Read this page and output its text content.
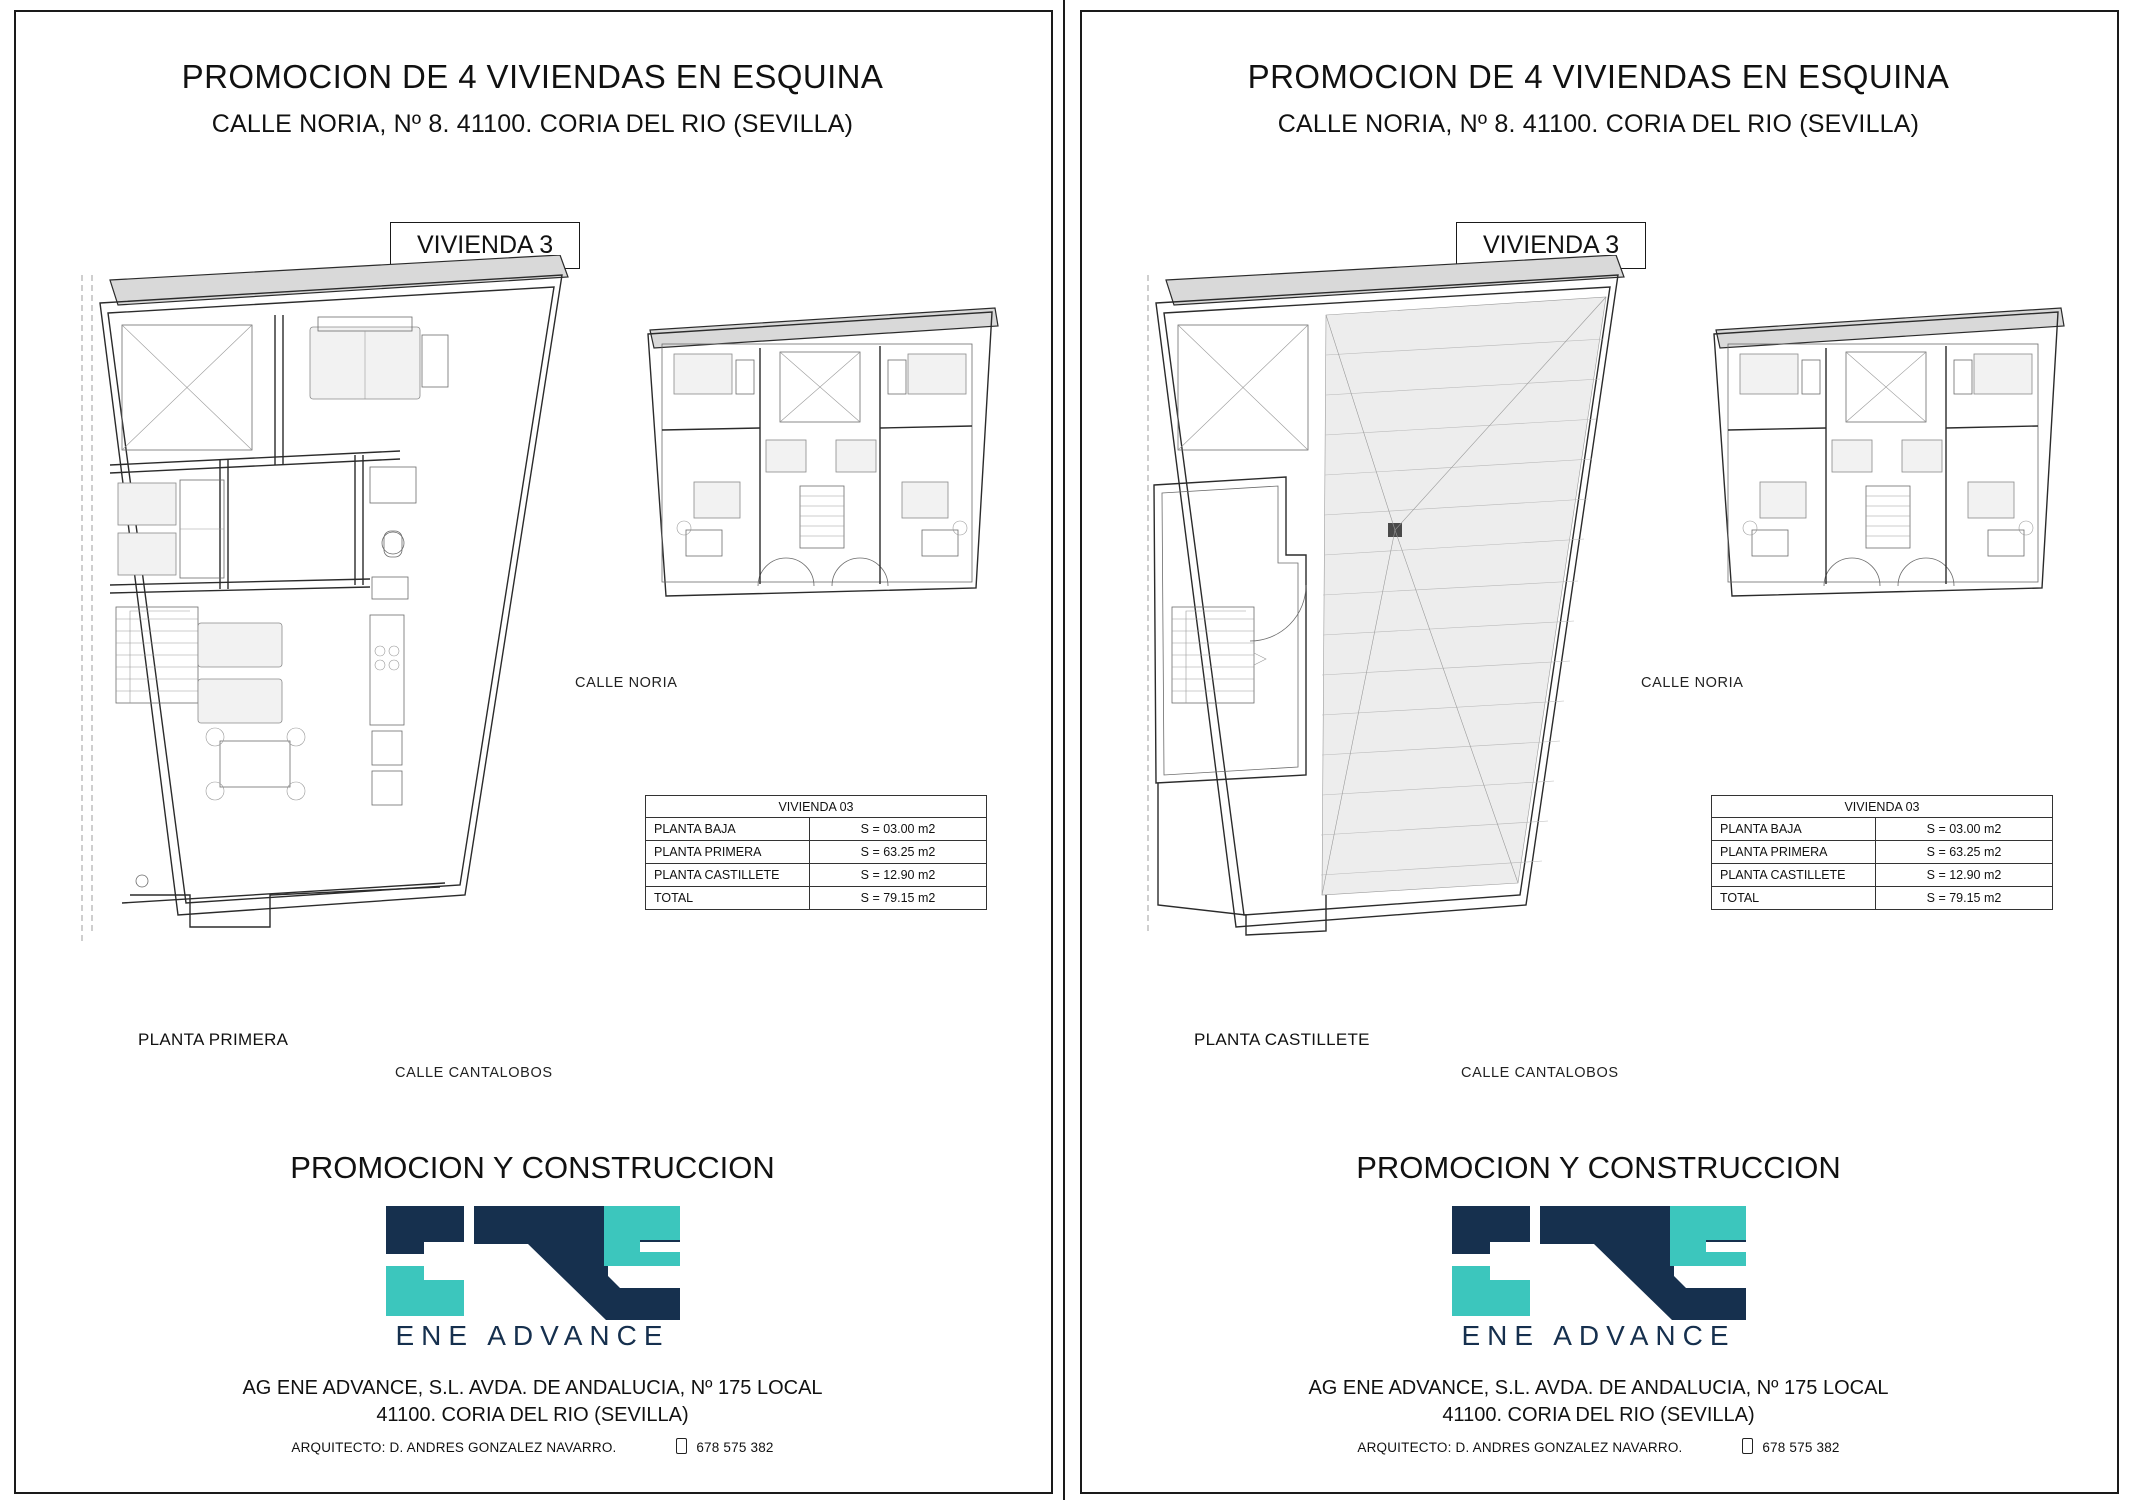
PROMOCION DE 4 VIVIENDAS EN ESQUINA
CALLE NORIA, Nº 8. 41100. CORIA DEL RIO (SEVILLA)
VIVIENDA 3
CALLE NORIA
CALLE CANTALOBOS
PLANTA PRIMERA
VIVIENDA 03
PLANTA BAJA	S = 03.00 m2
PLANTA PRIMERA	S = 63.25 m2
PLANTA CASTILLETE	S = 12.90 m2
TOTAL	S = 79.15 m2
PROMOCION Y CONSTRUCCION
ENE ADVANCE
AG ENE ADVANCE, S.L. AVDA. DE ANDALUCIA, Nº 175 LOCAL
41100. CORIA DEL RIO (SEVILLA)
ARQUITECTO: D. ANDRES GONZALEZ NAVARRO.	678 575 382
PROMOCION DE 4 VIVIENDAS EN ESQUINA
CALLE NORIA, Nº 8. 41100. CORIA DEL RIO (SEVILLA)
VIVIENDA 3
CALLE NORIA
CALLE CANTALOBOS
PLANTA CASTILLETE
VIVIENDA 03
PLANTA BAJA	S = 03.00 m2
PLANTA PRIMERA	S = 63.25 m2
PLANTA CASTILLETE	S = 12.90 m2
TOTAL	S = 79.15 m2
PROMOCION Y CONSTRUCCION
ENE ADVANCE
AG ENE ADVANCE, S.L. AVDA. DE ANDALUCIA, Nº 175 LOCAL
41100. CORIA DEL RIO (SEVILLA)
ARQUITECTO: D. ANDRES GONZALEZ NAVARRO.	678 575 382
